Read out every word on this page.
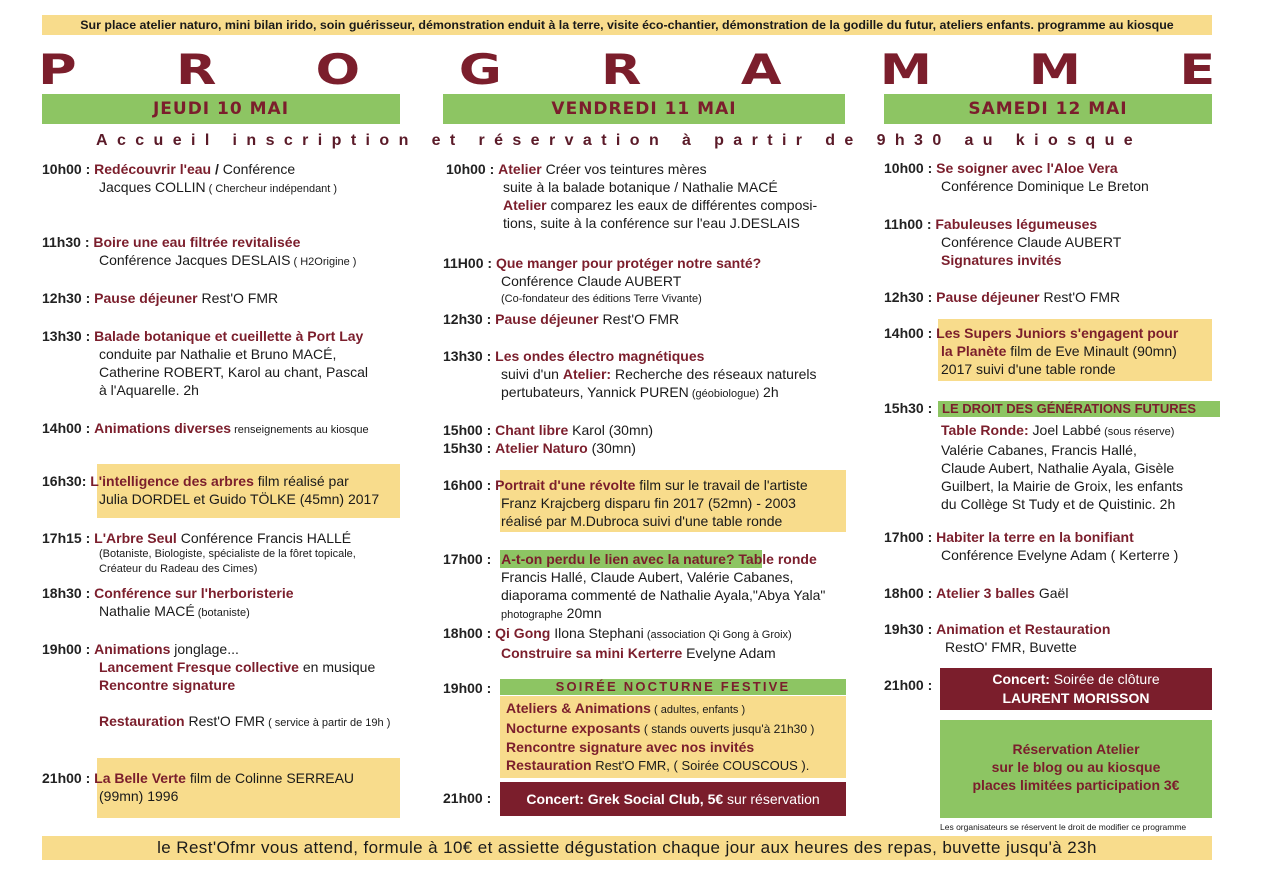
Sur place atelier naturo, mini bilan irido, soin guérisseur, démonstration enduit à la terre, visite éco-chantier, démonstration de la godille du futur, ateliers enfants. programme au kiosque
P R O G R A M M E
JEUDI 10 MAI	VENDREDI 11 MAI	SAMEDI 12 MAI
Accueil inscription et réservation à partir de 9h30 au kiosque
10h00 : Redécouvrir l'eau / Conférence
Jacques COLLIN ( Chercheur indépendant )
11h30 : Boire une eau filtrée revitalisée
Conférence Jacques DESLAIS ( H2Origine )
12h30 : Pause déjeuner Rest'O FMR
13h30 : Balade botanique et cueillette à Port Lay
conduite par Nathalie et Bruno MACÉ,
Catherine ROBERT, Karol au chant, Pascal
à l'Aquarelle. 2h
14h00 : Animations diverses renseignements au kiosque
16h30: L'intelligence des arbres film réalisé par
Julia DORDEL et Guido TÖLKE (45mn) 2017
17h15 : L'Arbre Seul Conférence Francis HALLÉ
(Botaniste, Biologiste, spécialiste de la fôret topicale,
Créateur du Radeau des Cimes)
18h30 : Conférence sur l'herboristerie
Nathalie MACÉ (botaniste)
19h00 : Animations jonglage...
Lancement Fresque collective en musique
Rencontre signature
Restauration Rest'O FMR ( service à partir de 19h )
21h00 : La Belle Verte film de Colinne SERREAU
(99mn) 1996
10h00 : Atelier Créer vos teintures mères
suite à la balade botanique / Nathalie MACÉ
Atelier comparez les eaux de différentes composi-
tions, suite à la conférence sur l'eau J.DESLAIS
11H00 : Que manger pour protéger notre santé?
Conférence Claude AUBERT
(Co-fondateur des éditions Terre Vivante)
12h30 : Pause déjeuner Rest'O FMR
13h30 : Les ondes électro magnétiques
suivi d'un Atelier: Recherche des réseaux naturels
pertubateurs, Yannick PUREN (géobiologue) 2h
15h00 : Chant libre Karol (30mn)
15h30 : Atelier Naturo (30mn)
16h00 : Portrait d'une révolte film sur le travail de l'artiste
Franz Krajcberg disparu fin 2017 (52mn) - 2003
réalisé par M.Dubroca suivi d'une table ronde
17h00 : A-t-on perdu le lien avec la nature? Table ronde
Francis Hallé, Claude Aubert, Valérie Cabanes,
diaporama commenté de Nathalie Ayala,"Abya Yala"
photographe 20mn
18h00 : Qi Gong Ilona Stephani (association Qi Gong à Groix)
Construire sa mini Kerterre Evelyne Adam
19h00 :	SOIRÉE NOCTURNE FESTIVE
Ateliers & Animations ( adultes, enfants )
Nocturne exposants ( stands ouverts jusqu'à 21h30 )
Rencontre signature avec nos invités
Restauration Rest'O FMR, ( Soirée COUSCOUS ).
21h00 :	Concert: Grek Social Club, 5€ sur réservation
10h00 : Se soigner avec l'Aloe Vera
Conférence Dominique Le Breton
11h00 : Fabuleuses légumeuses
Conférence Claude AUBERT
Signatures invités
12h30 : Pause déjeuner Rest'O FMR
14h00 : Les Supers Juniors s'engagent pour
la Planète film de Eve Minault (90mn)
2017 suivi d'une table ronde
15h30 : LE DROIT DES GÉNÉRATIONS FUTURES
Table Ronde: Joel Labbé (sous réserve)
Valérie Cabanes, Francis Hallé,
Claude Aubert, Nathalie Ayala, Gisèle
Guilbert, la Mairie de Groix, les enfants
du Collège St Tudy et de Quistinic. 2h
17h00 : Habiter la terre en la bonifiant
Conférence Evelyne Adam ( Kerterre )
18h00 : Atelier 3 balles Gaël
19h30 : Animation et Restauration
RestO' FMR, Buvette
21h00 :	Concert: Soirée de clôture
LAURENT MORISSON
Réservation Atelier
sur le blog ou au kiosque
places limitées participation 3€
Les organisateurs se réservent le droit de modifier ce programme
le Rest'Ofmr vous attend, formule à 10€ et assiette dégustation chaque jour aux heures des repas, buvette jusqu'à 23h
